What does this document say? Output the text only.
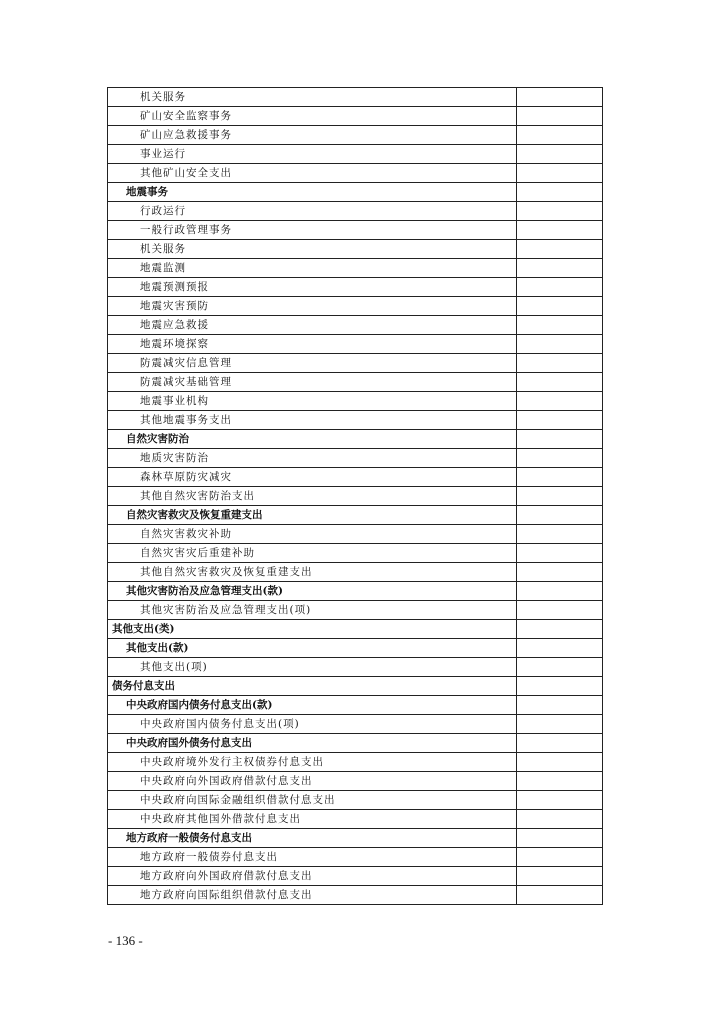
机关服务	
矿山安全监察事务	
矿山应急救援事务	
事业运行	
其他矿山安全支出	
地震事务	
行政运行	
一般行政管理事务	
机关服务	
地震监测	
地震预测预报	
地震灾害预防	
地震应急救援	
地震环境探察	
防震减灾信息管理	
防震减灾基础管理	
地震事业机构	
其他地震事务支出	
自然灾害防治	
地质灾害防治	
森林草原防灾减灾	
其他自然灾害防治支出	
自然灾害救灾及恢复重建支出	
自然灾害救灾补助	
自然灾害灾后重建补助	
其他自然灾害救灾及恢复重建支出	
其他灾害防治及应急管理支出(款)	
其他灾害防治及应急管理支出(项)	
其他支出(类)	
其他支出(款)	
其他支出(项)	
债务付息支出	
中央政府国内债务付息支出(款)	
中央政府国内债务付息支出(项)	
中央政府国外债务付息支出	
中央政府境外发行主权债券付息支出	
中央政府向外国政府借款付息支出	
中央政府向国际金融组织借款付息支出	
中央政府其他国外借款付息支出	
地方政府一般债务付息支出	
地方政府一般债券付息支出	
地方政府向外国政府借款付息支出	
地方政府向国际组织借款付息支出	
- 136 -
